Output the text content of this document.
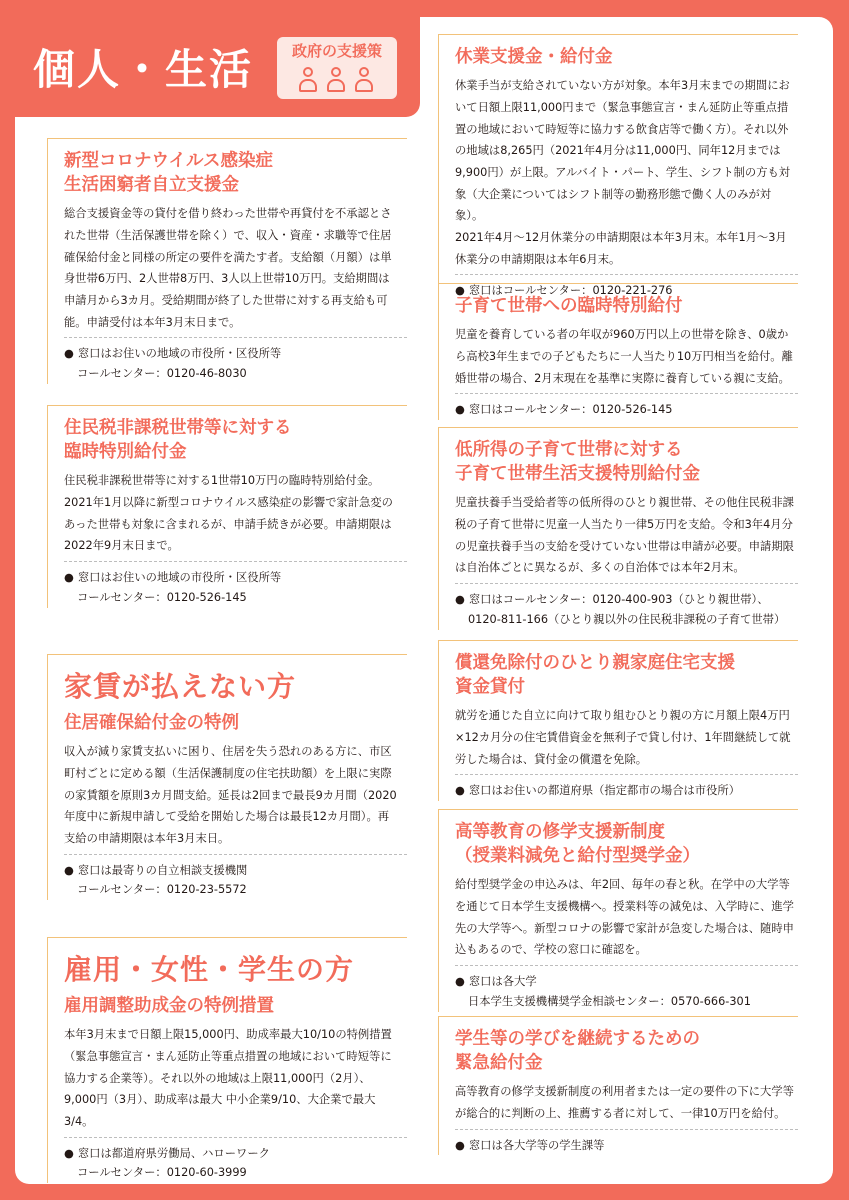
個人・生活	政府の支援策
新型コロナウイルス感染症
生活困窮者自立支援金
総合支援資金等の貸付を借り終わった世帯や再貸付を不承認とされた世帯（生活保護世帯を除く）で、収入・資産・求職等で住居確保給付金と同様の所定の要件を満たす者。支給額（月額）は単身世帯6万円、2人世帯8万円、3人以上世帯10万円。支給期間は申請月から3カ月。受給期間が終了した世帯に対する再支給も可能。申請受付は本年3月末日まで。
● 窓口はお住いの地域の市役所・区役所等
コールセンター：0120-46-8030
住民税非課税世帯等に対する
臨時特別給付金
住民税非課税世帯等に対する1世帯10万円の臨時特別給付金。2021年1月以降に新型コロナウイルス感染症の影響で家計急変のあった世帯も対象に含まれるが、申請手続きが必要。申請期限は2022年9月末日まで。
● 窓口はお住いの地域の市役所・区役所等
コールセンター：0120-526-145
家賃が払えない方
住居確保給付金の特例
収入が減り家賃支払いに困り、住居を失う恐れのある方に、市区町村ごとに定める額（生活保護制度の住宅扶助額）を上限に実際の家賃額を原則3カ月間支給。延長は2回まで最長9カ月間（2020年度中に新規申請して受給を開始した場合は最長12カ月間）。再支給の申請期限は本年3月末日。
● 窓口は最寄りの自立相談支援機関
コールセンター：0120-23-5572
雇用・女性・学生の方
雇用調整助成金の特例措置
本年3月末まで日額上限15,000円、助成率最大10/10の特例措置（緊急事態宣言・まん延防止等重点措置の地域において時短等に協力する企業等）。それ以外の地域は上限11,000円（2月）、9,000円（3月）、助成率は最大 中小企業9/10、大企業で最大3/4。
● 窓口は都道府県労働局、ハローワーク
コールセンター：0120-60-3999
休業支援金・給付金
休業手当が支給されていない方が対象。本年3月末までの期間において日額上限11,000円まで（緊急事態宣言・まん延防止等重点措置の地域において時短等に協力する飲食店等で働く方）。それ以外の地域は8,265円（2021年4月分は11,000円、同年12月までは9,900円）が上限。アルバイト・パート、学生、シフト制の方も対象（大企業についてはシフト制等の勤務形態で働く人のみが対象）。
2021年4月～12月休業分の申請期限は本年3月末。本年1月～3月休業分の申請期限は本年6月末。
● 窓口はコールセンター：0120-221-276
子育て世帯への臨時特別給付
児童を養育している者の年収が960万円以上の世帯を除き、0歳から高校3年生までの子どもたちに一人当たり10万円相当を給付。離婚世帯の場合、2月末現在を基準に実際に養育している親に支給。
● 窓口はコールセンター：0120-526-145
低所得の子育て世帯に対する
子育て世帯生活支援特別給付金
児童扶養手当受給者等の低所得のひとり親世帯、その他住民税非課税の子育て世帯に児童一人当たり一律5万円を支給。令和3年4月分の児童扶養手当の支給を受けていない世帯は申請が必要。申請期限は自治体ごとに異なるが、多くの自治体では本年2月末。
● 窓口はコールセンター：0120-400-903（ひとり親世帯）、
0120-811-166（ひとり親以外の住民税非課税の子育て世帯）
償還免除付のひとり親家庭住宅支援
資金貸付
就労を通じた自立に向けて取り組むひとり親の方に月額上限4万円×12カ月分の住宅賃借資金を無利子で貸し付け、1年間継続して就労した場合は、貸付金の償還を免除。
● 窓口はお住いの都道府県（指定都市の場合は市役所）
高等教育の修学支援新制度
（授業料減免と給付型奨学金）
給付型奨学金の申込みは、年2回、毎年の春と秋。在学中の大学等を通じて日本学生支援機構へ。授業料等の減免は、入学時に、進学先の大学等へ。新型コロナの影響で家計が急変した場合は、随時申込もあるので、学校の窓口に確認を。
● 窓口は各大学
日本学生支援機構奨学金相談センター：0570-666-301
学生等の学びを継続するための
緊急給付金
高等教育の修学支援新制度の利用者または一定の要件の下に大学等が総合的に判断の上、推薦する者に対して、一律10万円を給付。
● 窓口は各大学等の学生課等
